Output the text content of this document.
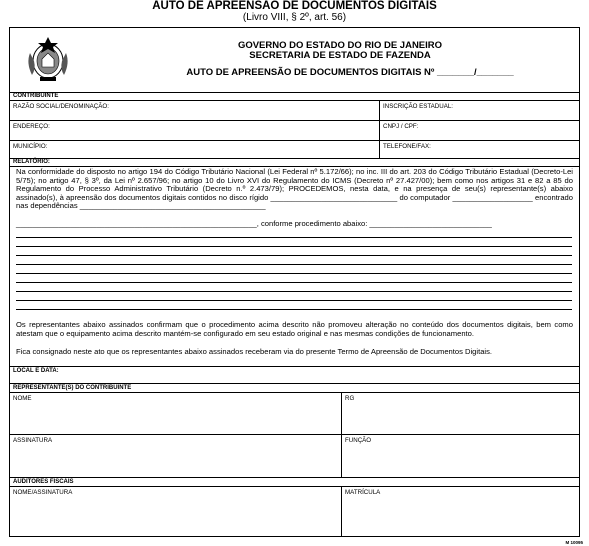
AUTO DE APREENSÃO DE DOCUMENTOS DIGITAIS
(Livro VIII, § 2º, art. 56)
GOVERNO DO ESTADO DO RIO DE JANEIRO
SECRETARIA DE ESTADO DE FAZENDA
AUTO DE APREENSÃO DE DOCUMENTOS DIGITAIS Nº _______/_______
CONTRIBUINTE
RAZÃO SOCIAL/DENOMINAÇÃO:	INSCRIÇÃO ESTADUAL:
ENDEREÇO:	CNPJ / CPF:
MUNICÍPIO:	TELEFONE/FAX:
RELATÓRIO:
Na conformidade do disposto no artigo 194 do Código Tributário Nacional (Lei Federal nº 5.172/66); no inc. III do art. 203 do Código Tributário Estadual (Decreto-Lei 5/75); no artigo 47, § 3º, da Lei nº 2.657/96; no artigo 10 do Livro XVI do Regulamento do ICMS (Decreto nº 27.427/00); bem como nos artigos 31 e 82 a 85 do Regulamento do Processo Administrativo Tributário (Decreto n.º 2.473/79); PROCEDEMOS, nesta data, e na presença de seu(s) representante(s) abaixo assinado(s), à apreensão dos documentos digitais contidos no disco rígido ______________________________ do computador ___________________ encontrado nas dependências ____________________________________________
_________________________________________________________, conforme procedimento abaixo: _____________________________
Os representantes abaixo assinados confirmam que o procedimento acima descrito não promoveu alteração no conteúdo dos documentos digitais, bem como atestam que o equipamento acima descrito mantém-se configurado em seu estado original e nas mesmas condições de funcionamento.
Fica consignado neste ato que os representantes abaixo assinados receberam via do presente Termo de Apreensão de Documentos Digitais.
LOCAL E DATA:
REPRESENTANTE(S) DO CONTRIBUINTE
NOME	RG
ASSINATURA	FUNÇÃO
AUDITORES FISCAIS
NOME/ASSINATURA	MATRÍCULA
M 10095
